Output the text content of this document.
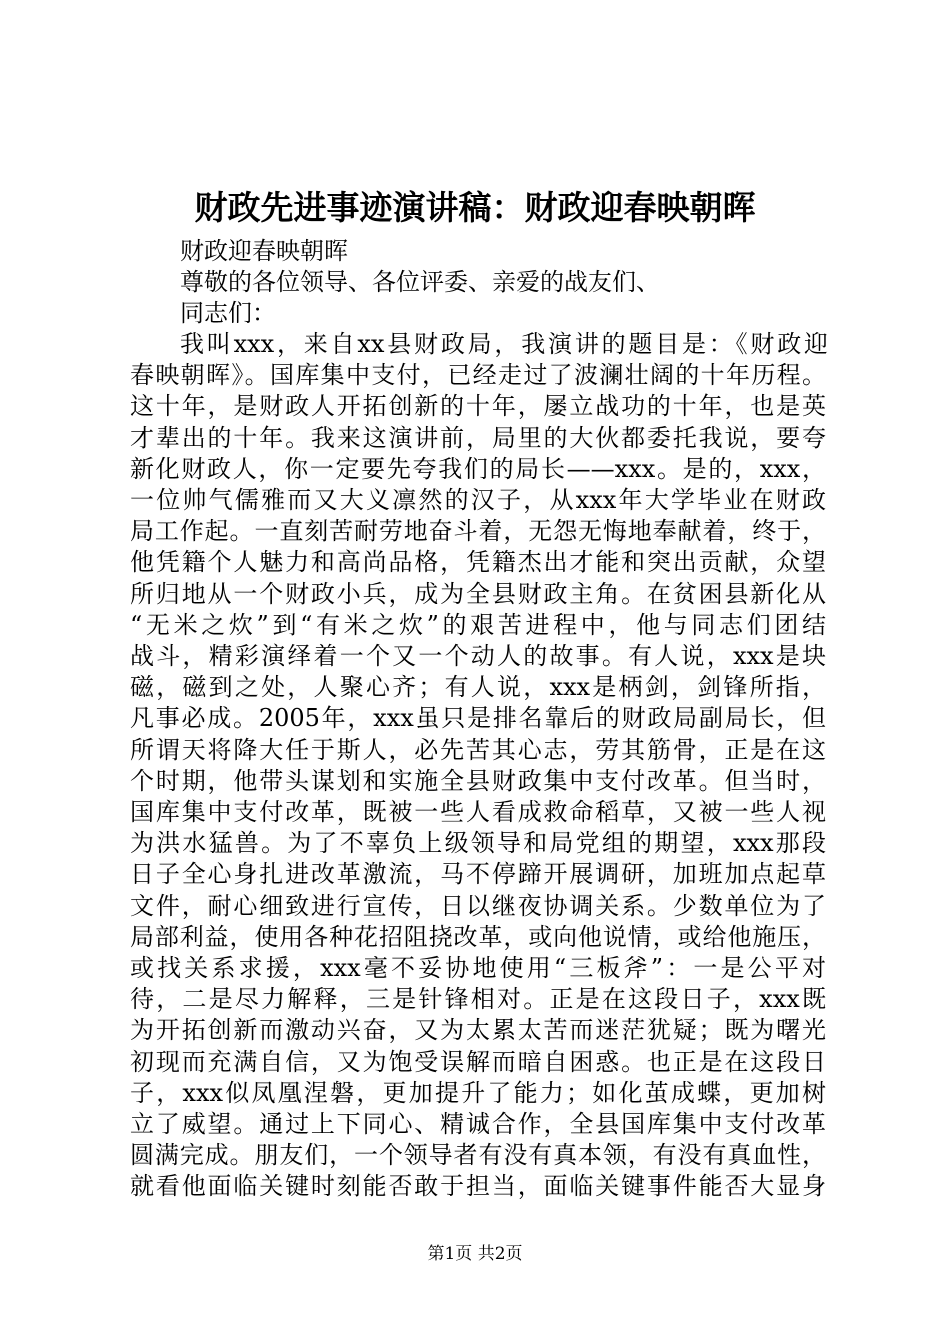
财政先进事迹演讲稿：财政迎春映朝晖
财政迎春映朝晖
尊敬的各位领导、各位评委、亲爱的战友们、
同志们：
我叫xxx，来自xx县财政局，我演讲的题目是：《财政迎
春映朝晖》。国库集中支付，已经走过了波澜壮阔的十年历程。
这十年，是财政人开拓创新的十年，屡立战功的十年，也是英
才辈出的十年。我来这演讲前，局里的大伙都委托我说，要夸
新化财政人，你一定要先夸我们的局长——xxx。是的，xxx，
一位帅气儒雅而又大义凛然的汉子，从xxx年大学毕业在财政
局工作起。一直刻苦耐劳地奋斗着，无怨无悔地奉献着，终于，
他凭籍个人魅力和高尚品格，凭籍杰出才能和突出贡献，众望
所归地从一个财政小兵，成为全县财政主角。在贫困县新化从
“无米之炊”到“有米之炊”的艰苦进程中，他与同志们团结
战斗，精彩演绎着一个又一个动人的故事。有人说，xxx是块
磁，磁到之处，人聚心齐；有人说，xxx是柄剑，剑锋所指，
凡事必成。2005年，xxx虽只是排名靠后的财政局副局长，但
所谓天将降大任于斯人，必先苦其心志，劳其筋骨，正是在这
个时期，他带头谋划和实施全县财政集中支付改革。但当时，
国库集中支付改革，既被一些人看成救命稻草，又被一些人视
为洪水猛兽。为了不辜负上级领导和局党组的期望，xxx那段
日子全心身扎进改革激流，马不停蹄开展调研，加班加点起草
文件，耐心细致进行宣传，日以继夜协调关系。少数单位为了
局部利益，使用各种花招阻挠改革，或向他说情，或给他施压，
或找关系求援，xxx毫不妥协地使用“三板斧”：一是公平对
待，二是尽力解释，三是针锋相对。正是在这段日子，xxx既
为开拓创新而激动兴奋，又为太累太苦而迷茫犹疑；既为曙光
初现而充满自信，又为饱受误解而暗自困惑。也正是在这段日
子，xxx似凤凰涅磐，更加提升了能力；如化茧成蝶，更加树
立了威望。通过上下同心、精诚合作，全县国库集中支付改革
圆满完成。朋友们，一个领导者有没有真本领，有没有真血性，
就看他面临关键时刻能否敢于担当，面临关键事件能否大显身
第1页 共2页
